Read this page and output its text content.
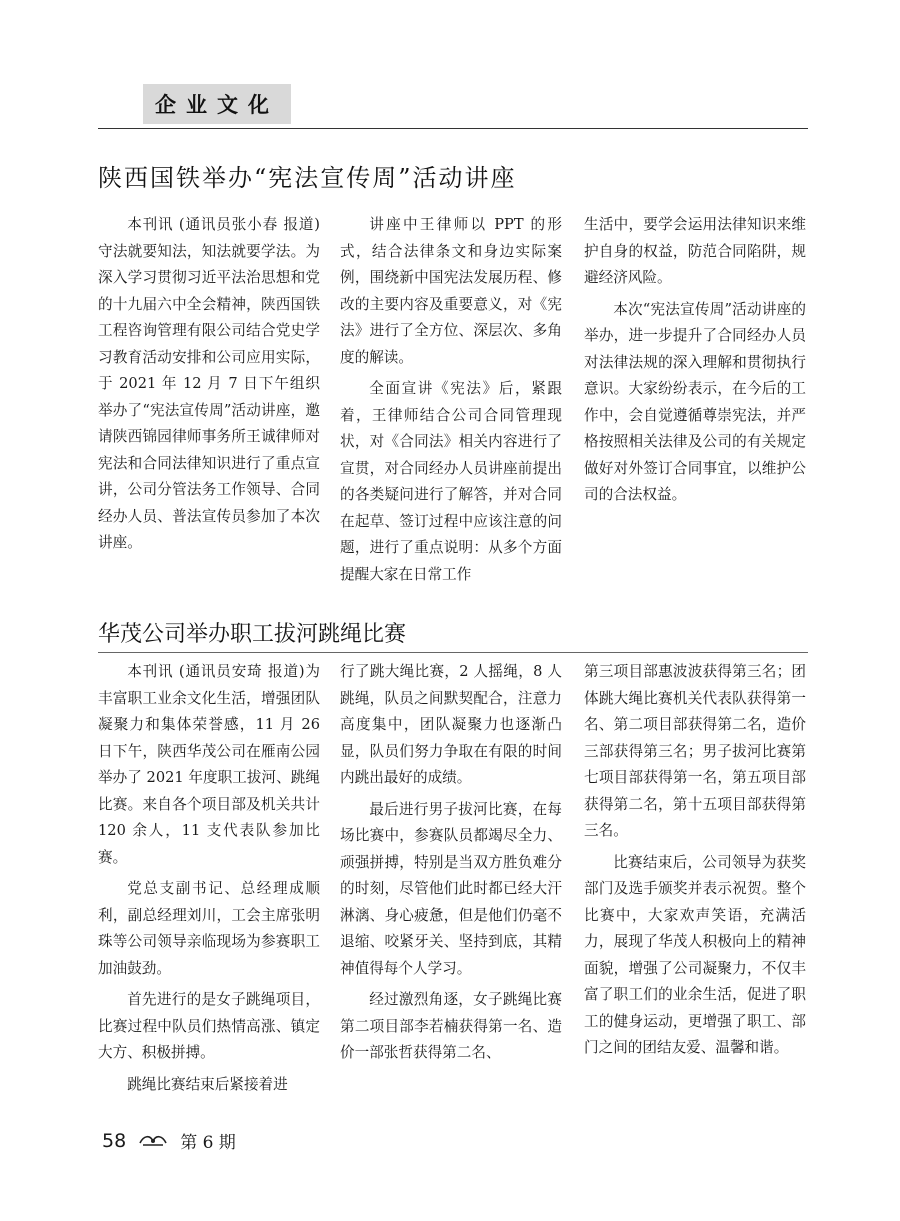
企业文化
陕西国铁举办“宪法宣传周”活动讲座

本刊讯 (通讯员张小春 报道)守法就要知法，知法就要学法。为深入学习贯彻习近平法治思想和党的十九届六中全会精神，陕西国铁工程咨询管理有限公司结合党史学习教育活动安排和公司应用实际，于 2021 年 12 月 7 日下午组织举办了“宪法宣传周”活动讲座，邀请陕西锦园律师事务所王诚律师对宪法和合同法律知识进行了重点宣讲，公司分管法务工作领导、合同经办人员、普法宣传员参加了本次讲座。

讲座中王律师以 PPT 的形式，结合法律条文和身边实际案例，围绕新中国宪法发展历程、修改的主要内容及重要意义，对《宪法》进行了全方位、深层次、多角度的解读。

全面宣讲《宪法》后，紧跟着，王律师结合公司合同管理现状，对《合同法》相关内容进行了宣贯，对合同经办人员讲座前提出的各类疑问进行了解答，并对合同在起草、签订过程中应该注意的问题，进行了重点说明：从多个方面提醒大家在日常工作

生活中，要学会运用法律知识来维护自身的权益，防范合同陷阱，规避经济风险。

本次“宪法宣传周”活动讲座的举办，进一步提升了合同经办人员对法律法规的深入理解和贯彻执行意识。大家纷纷表示，在今后的工作中，会自觉遵循尊崇宪法，并严格按照相关法律及公司的有关规定做好对外签订合同事宜，以维护公司的合法权益。

华茂公司举办职工拔河跳绳比赛

本刊讯 (通讯员安琦 报道)为丰富职工业余文化生活，增强团队凝聚力和集体荣誉感，11 月 26 日下午，陕西华茂公司在雁南公园举办了 2021 年度职工拔河、跳绳比赛。来自各个项目部及机关共计 120 余人，11 支代表队参加比赛。

党总支副书记、总经理成顺利，副总经理刘川，工会主席张明珠等公司领导亲临现场为参赛职工加油鼓劲。

首先进行的是女子跳绳项目，比赛过程中队员们热情高涨、镇定大方、积极拼搏。

跳绳比赛结束后紧接着进

行了跳大绳比赛，2 人摇绳，8 人跳绳，队员之间默契配合，注意力高度集中，团队凝聚力也逐渐凸显，队员们努力争取在有限的时间内跳出最好的成绩。

最后进行男子拔河比赛，在每场比赛中，参赛队员都竭尽全力、顽强拼搏，特别是当双方胜负难分的时刻，尽管他们此时都已经大汗淋漓、身心疲惫，但是他们仍毫不退缩、咬紧牙关、坚持到底，其精神值得每个人学习。

经过激烈角逐，女子跳绳比赛第二项目部李若楠获得第一名、造价一部张哲获得第二名、

第三项目部惠波波获得第三名；团体跳大绳比赛机关代表队获得第一名、第二项目部获得第二名，造价三部获得第三名；男子拔河比赛第七项目部获得第一名，第五项目部获得第二名，第十五项目部获得第三名。

比赛结束后，公司领导为获奖部门及选手颁奖并表示祝贺。整个比赛中，大家欢声笑语，充满活力，展现了华茂人积极向上的精神面貌，增强了公司凝聚力，不仅丰富了职工们的业余生活，促进了职工的健身运动，更增强了职工、部门之间的团结友爱、温馨和谐。

58	第 6 期
